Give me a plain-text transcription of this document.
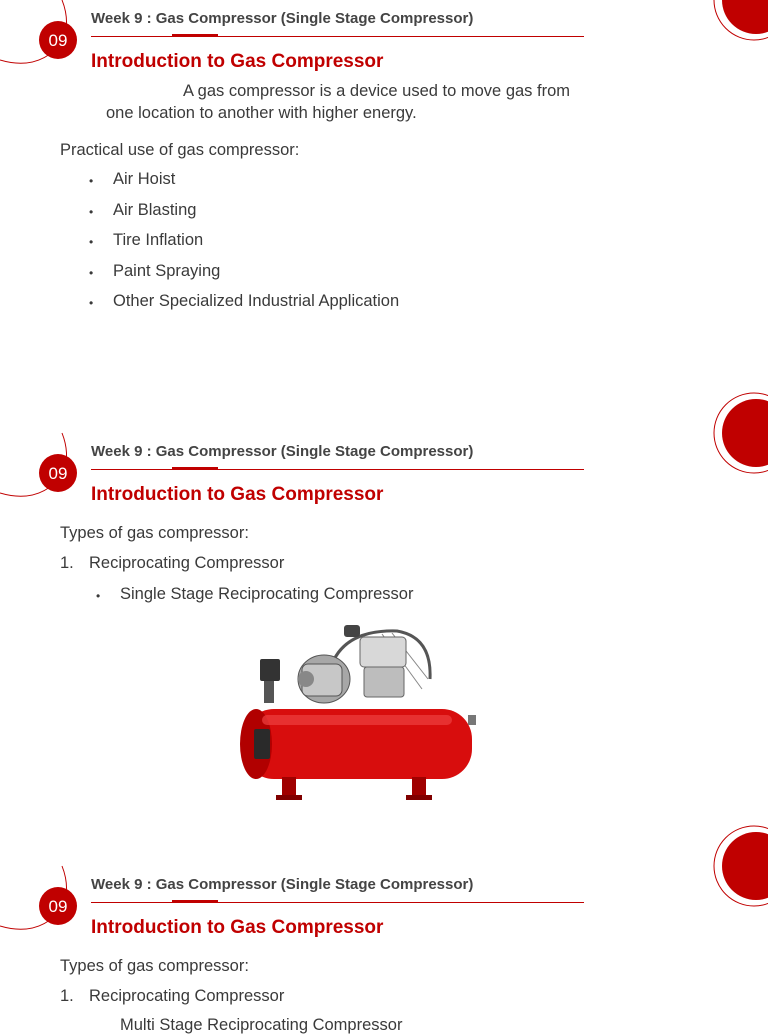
09
Week 9 : Gas Compressor (Single Stage Compressor)
Introduction to Gas Compressor
A gas compressor is a device used to move gas from
one location to another with higher energy.
Practical use of gas compressor:
• Air Hoist
• Air Blasting
• Tire Inflation
• Paint Spraying
• Other Specialized Industrial Application
09
Week 9 : Gas Compressor (Single Stage Compressor)
Introduction to Gas Compressor
Types of gas compressor:
1. Reciprocating Compressor
• Single Stage Reciprocating Compressor
09
Week 9 : Gas Compressor (Single Stage Compressor)
Introduction to Gas Compressor
Types of gas compressor:
1. Reciprocating Compressor
Multi Stage Reciprocating Compressor
